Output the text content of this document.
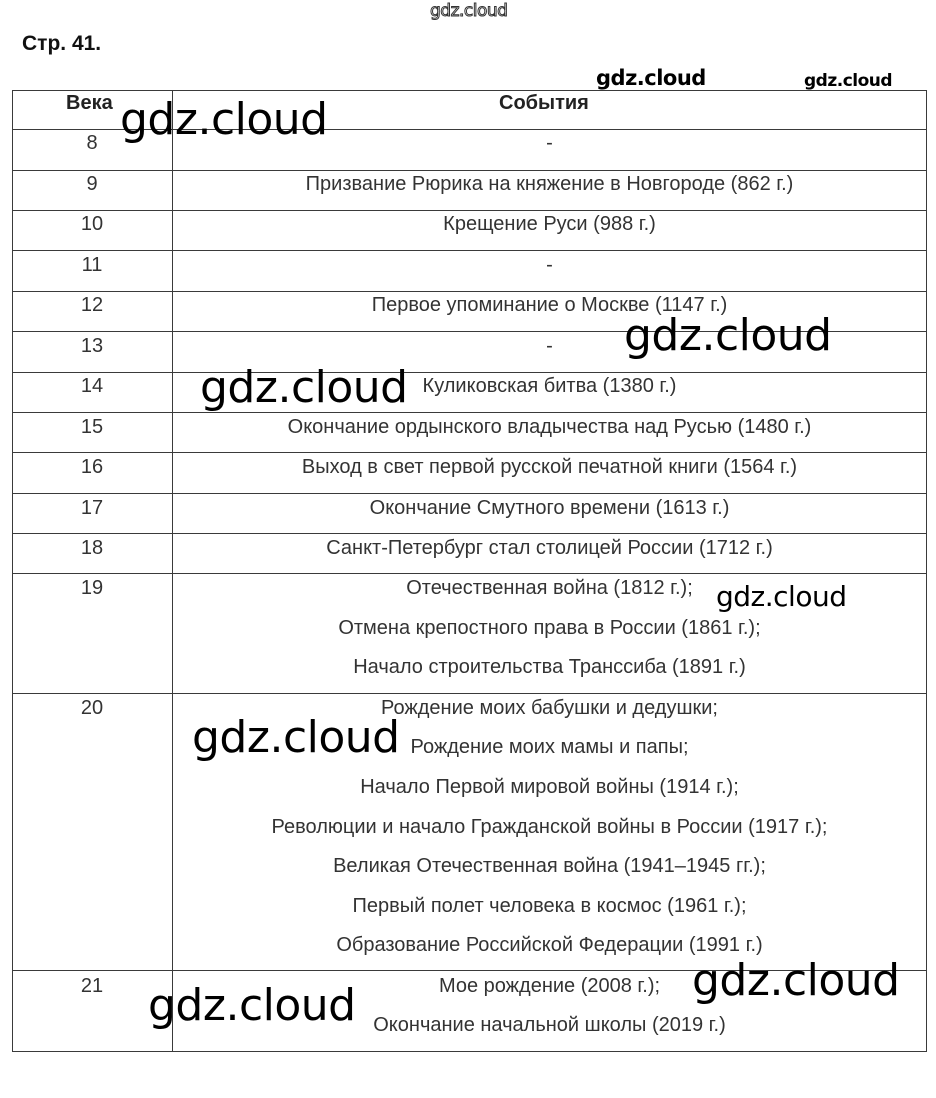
gdz.cloud
Стр. 41.
gdz.cloud	gdz.cloud
Века	События
8
9
10
11
12
13
14
15
16
17
18
19
20
21
-
Призвание Рюрика на княжение в Новгороде (862 г.)
Крещение Руси (988 г.)
-
Первое упоминание о Москве (1147 г.)
-
Куликовская битва (1380 г.)
Окончание ордынского владычества над Русью (1480 г.)
Выход в свет первой русской печатной книги (1564 г.)
Окончание Смутного времени (1613 г.)
Санкт-Петербург стал столицей России (1712 г.)
Отечественная война (1812 г.);
Отмена крепостного права в России (1861 г.);
Начало строительства Транссиба (1891 г.)
Рождение моих бабушки и дедушки;
Рождение моих мамы и папы;
Начало Первой мировой войны (1914 г.);
Революции и начало Гражданской войны в России (1917 г.);
Великая Отечественная война (1941–1945 гг.);
Первый полет человека в космос (1961 г.);
Образование Российской Федерации (1991 г.)
Мое рождение (2008 г.);
Окончание начальной школы (2019 г.)
gdz.cloud
gdz.cloud
gdz.cloud
gdz.cloud
gdz.cloud
gdz.cloud
gdz.cloud
